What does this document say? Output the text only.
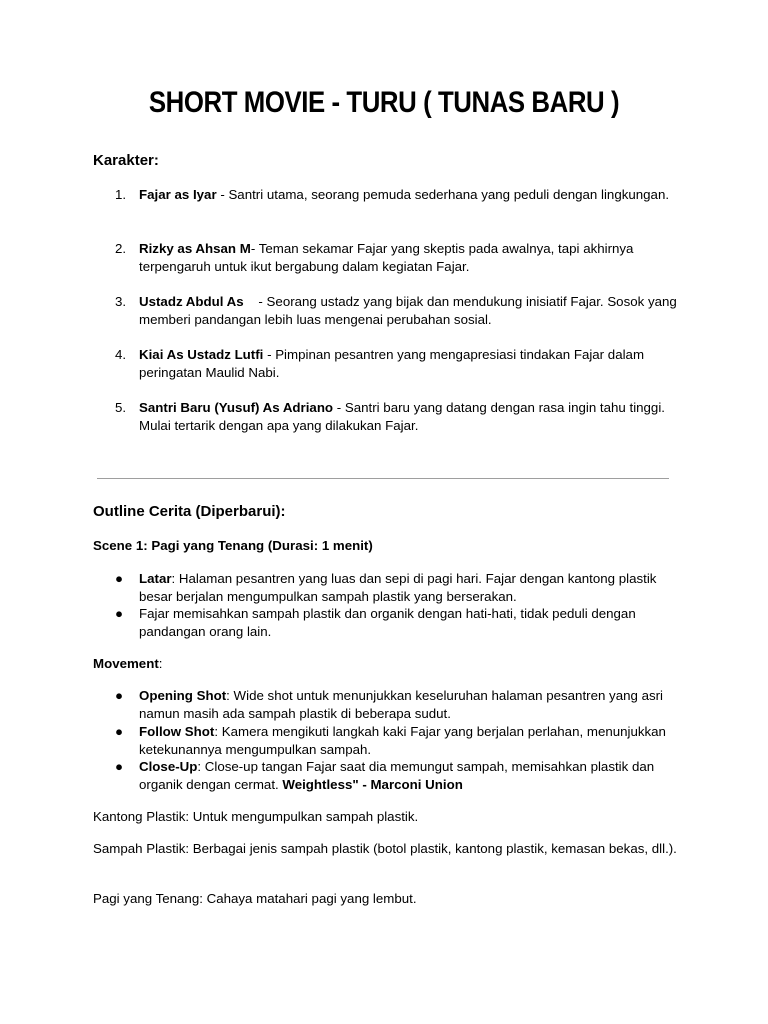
SHORT MOVIE - TURU ( TUNAS BARU )
Karakter:
1. Fajar as Iyar - Santri utama, seorang pemuda sederhana yang peduli dengan lingkungan.
2. Rizky as Ahsan M- Teman sekamar Fajar yang skeptis pada awalnya, tapi akhirnya terpengaruh untuk ikut bergabung dalam kegiatan Fajar.
3. Ustadz Abdul As    - Seorang ustadz yang bijak dan mendukung inisiatif Fajar. Sosok yang memberi pandangan lebih luas mengenai perubahan sosial.
4. Kiai As Ustadz Lutfi - Pimpinan pesantren yang mengapresiasi tindakan Fajar dalam peringatan Maulid Nabi.
5. Santri Baru (Yusuf) As Adriano - Santri baru yang datang dengan rasa ingin tahu tinggi. Mulai tertarik dengan apa yang dilakukan Fajar.
Outline Cerita (Diperbarui):

Scene 1: Pagi yang Tenang (Durasi: 1 menit)

● Latar: Halaman pesantren yang luas dan sepi di pagi hari. Fajar dengan kantong plastik besar berjalan mengumpulkan sampah plastik yang berserakan.
● Fajar memisahkan sampah plastik dan organik dengan hati-hati, tidak peduli dengan pandangan orang lain.

Movement:

● Opening Shot: Wide shot untuk menunjukkan keseluruhan halaman pesantren yang asri namun masih ada sampah plastik di beberapa sudut.
● Follow Shot: Kamera mengikuti langkah kaki Fajar yang berjalan perlahan, menunjukkan ketekunannya mengumpulkan sampah.
● Close-Up: Close-up tangan Fajar saat dia memungut sampah, memisahkan plastik dan organik dengan cermat. Weightless" - Marconi Union

Kantong Plastik: Untuk mengumpulkan sampah plastik.

Sampah Plastik: Berbagai jenis sampah plastik (botol plastik, kantong plastik, kemasan bekas, dll.).

Pagi yang Tenang: Cahaya matahari pagi yang lembut.
